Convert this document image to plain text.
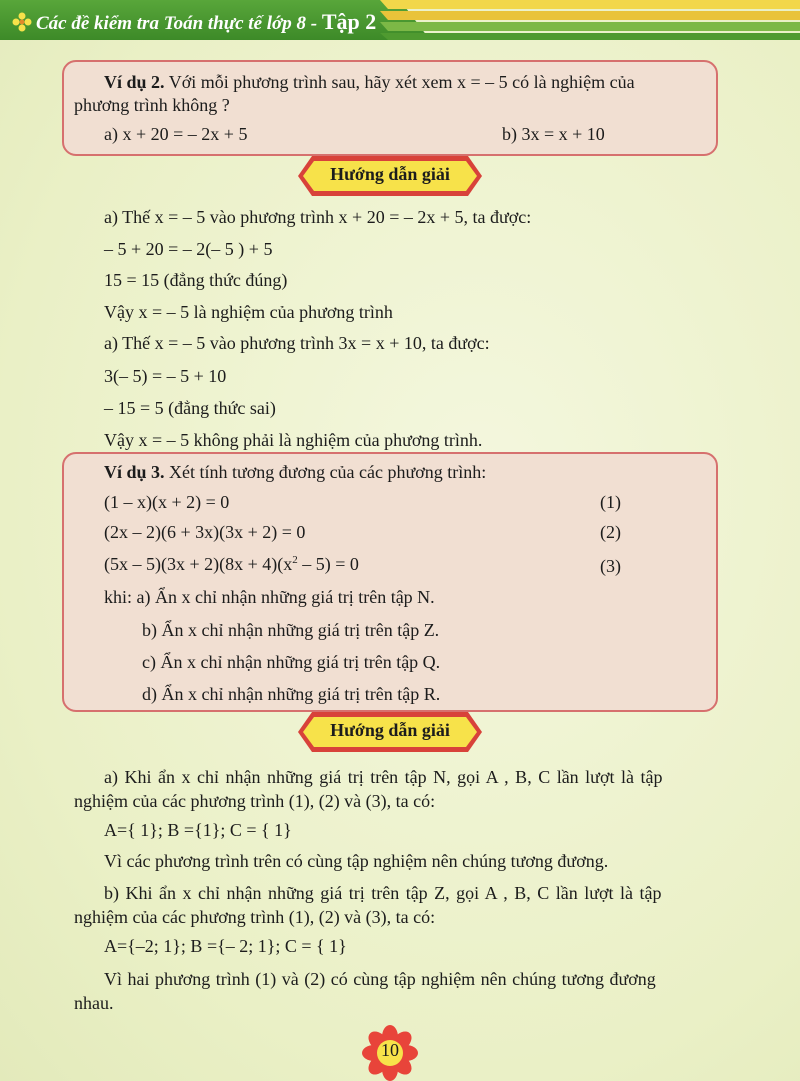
Các đề kiểm tra Toán thực tế lớp 8 - Tập 2
Ví dụ 2. Với mỗi phương trình sau, hãy xét xem x = – 5 có là nghiệm của
phương trình không ?
a) x + 20 = – 2x + 5	b) 3x = x + 10
Hướng dẫn giải
a) Thế x = – 5 vào phương trình x + 20 = – 2x + 5, ta được:
– 5 + 20 = – 2(– 5 ) + 5
15 = 15 (đẳng thức đúng)
Vậy x = – 5 là nghiệm của phương trình
a) Thế x = – 5 vào phương trình 3x = x + 10, ta được:
3(– 5) = – 5 + 10
– 15 = 5 (đẳng thức sai)
Vậy x = – 5 không phải là nghiệm của phương trình.
Ví dụ 3. Xét tính tương đương của các phương trình:
(1 – x)(x + 2) = 0	(1)
(2x – 2)(6 + 3x)(3x + 2) = 0	(2)
$(5x - 5)(3x + 2)(8x + 4)(x^2 - 5) = 0$	(3)
khi: a) Ẩn x chỉ nhận những giá trị trên tập N.
b) Ẩn x chỉ nhận những giá trị trên tập Z.
c) Ẩn x chỉ nhận những giá trị trên tập Q.
d) Ẩn x chỉ nhận những giá trị trên tập R.
Hướng dẫn giải
a) Khi ẩn x chỉ nhận những giá trị trên tập N, gọi A , B, C lần lượt là tập
nghiệm của các phương trình (1), (2) và (3), ta có:
A={ 1}; B ={1}; C = { 1}
Vì các phương trình trên có cùng tập nghiệm nên chúng tương đương.
b) Khi ẩn x chỉ nhận những giá trị trên tập Z, gọi A , B, C lần lượt là tập
nghiệm của các phương trình (1), (2) và (3), ta có:
A={–2; 1}; B ={– 2; 1}; C = { 1}
Vì hai phương trình (1) và (2) có cùng tập nghiệm nên chúng tương đương
nhau.
10
